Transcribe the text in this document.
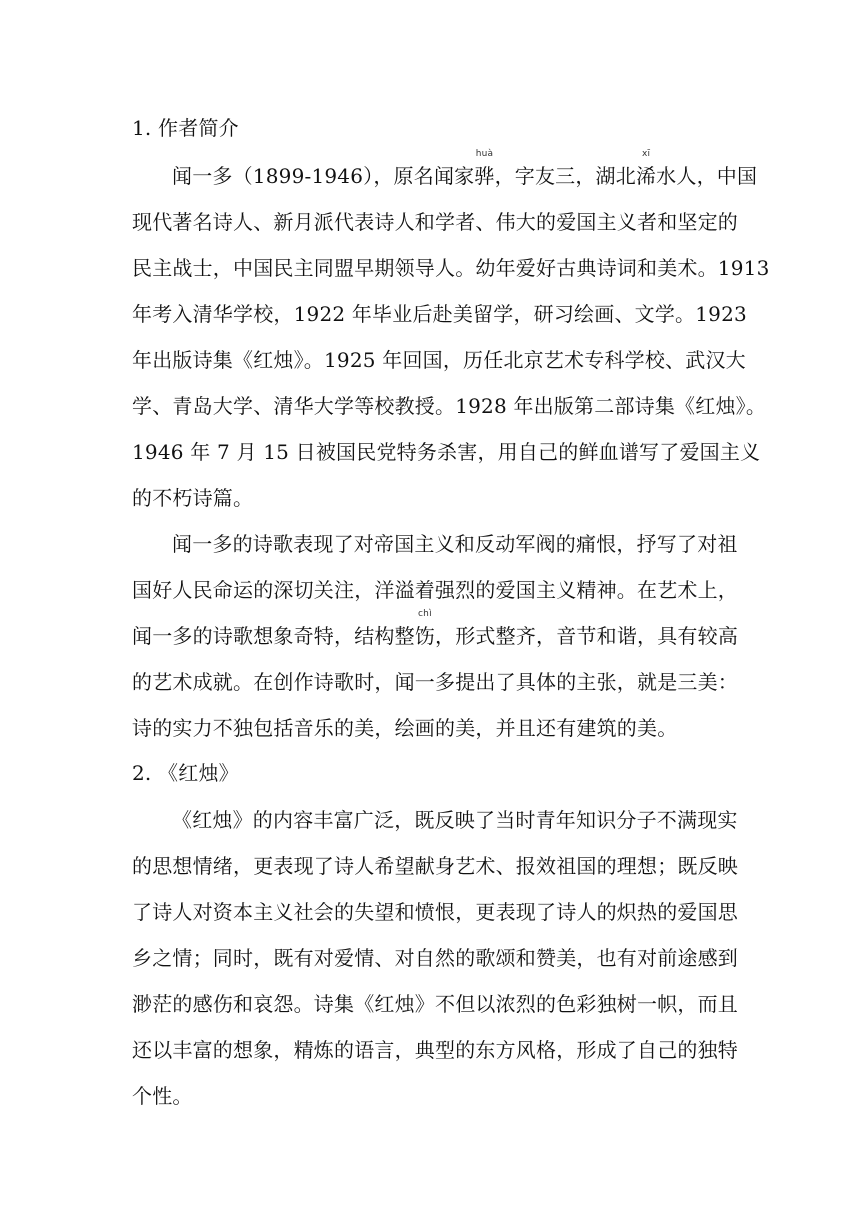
1. 作者简介
闻一多（1899-1946），原名闻家
huà
骅，字友三，湖北
xī
浠水人，中国
现代著名诗人、新月派代表诗人和学者、伟大的爱国主义者和坚定的
民主战士，中国民主同盟早期领导人。幼年爱好古典诗词和美术。1913
年考入清华学校，1922 年毕业后赴美留学，研习绘画、文学。1923
年出版诗集《红烛》。1925 年回国，历任北京艺术专科学校、武汉大
学、青岛大学、清华大学等校教授。1928 年出版第二部诗集《红烛》。
1946 年 7 月 15 日被国民党特务杀害，用自己的鲜血谱写了爱国主义
的不朽诗篇。
闻一多的诗歌表现了对帝国主义和反动军阀的痛恨，抒写了对祖
国好人民命运的深切关注，洋溢着强烈的爱国主义精神。在艺术上，
闻一多的诗歌想象奇特，结构整
chì
饬，形式整齐，音节和谐，具有较高
的艺术成就。在创作诗歌时，闻一多提出了具体的主张，就是三美：
诗的实力不独包括音乐的美，绘画的美，并且还有建筑的美。
2. 《红烛》
《红烛》的内容丰富广泛，既反映了当时青年知识分子不满现实
的思想情绪，更表现了诗人希望献身艺术、报效祖国的理想；既反映
了诗人对资本主义社会的失望和愤恨，更表现了诗人的炽热的爱国思
乡之情；同时，既有对爱情、对自然的歌颂和赞美，也有对前途感到
渺茫的感伤和哀怨。诗集《红烛》不但以浓烈的色彩独树一帜，而且
还以丰富的想象，精炼的语言，典型的东方风格，形成了自己的独特
个性。
